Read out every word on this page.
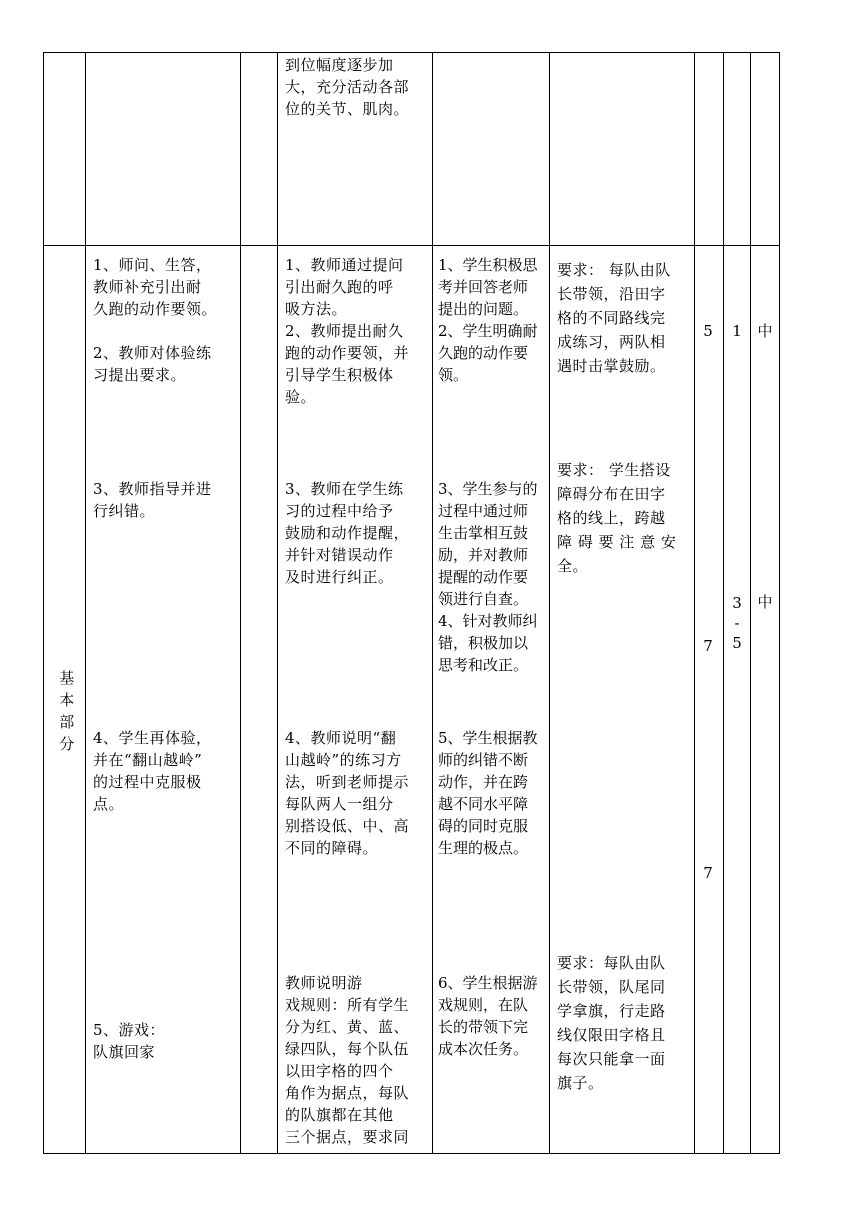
到位幅度逐步加
大，充分活动各部
位的关节、肌肉。
基
本
部
分
1、师问、生答，
教师补充引出耐
久跑的动作要领。
2、教师对体验练
习提出要求。
3、教师指导并进
行纠错。
4、学生再体验，
并在“翻山越岭”
的过程中克服极
点。
5、游戏：
队旗回家
1、教师通过提问
引出耐久跑的呼
吸方法。
2、教师提出耐久
跑的动作要领，并
引导学生积极体
验。
3、教师在学生练
习的过程中给予
鼓励和动作提醒，
并针对错误动作
及时进行纠正。
4、教师说明“翻
山越岭”的练习方
法，听到老师提示
每队两人一组分
别搭设低、中、高
不同的障碍。
教师说明游
戏规则：所有学生
分为红、黄、蓝、
绿四队，每个队伍
以田字格的四个
角作为据点，每队
的队旗都在其他
三个据点，要求同
1、学生积极思
考并回答老师
提出的问题。
2、学生明确耐
久跑的动作要
领。
3、学生参与的
过程中通过师
生击掌相互鼓
励，并对教师
提醒的动作要
领进行自查。
4、针对教师纠
错，积极加以
思考和改正。
5、学生根据教
师的纠错不断
动作，并在跨
越不同水平障
碍的同时克服
生理的极点。
6、学生根据游
戏规则，在队
长的带领下完
成本次任务。
要求： 每队由队
长带领，沿田字
格的不同路线完
成练习，两队相
遇时击掌鼓励。
要求： 学生搭设
障碍分布在田字
格的线上，跨越
障 碍 要 注 意 安
全。
要求：每队由队
长带领，队尾同
学拿旗，行走路
线仅限田字格且
每次只能拿一面
旗子。
5
7
7
1
3
-
5
中
中
